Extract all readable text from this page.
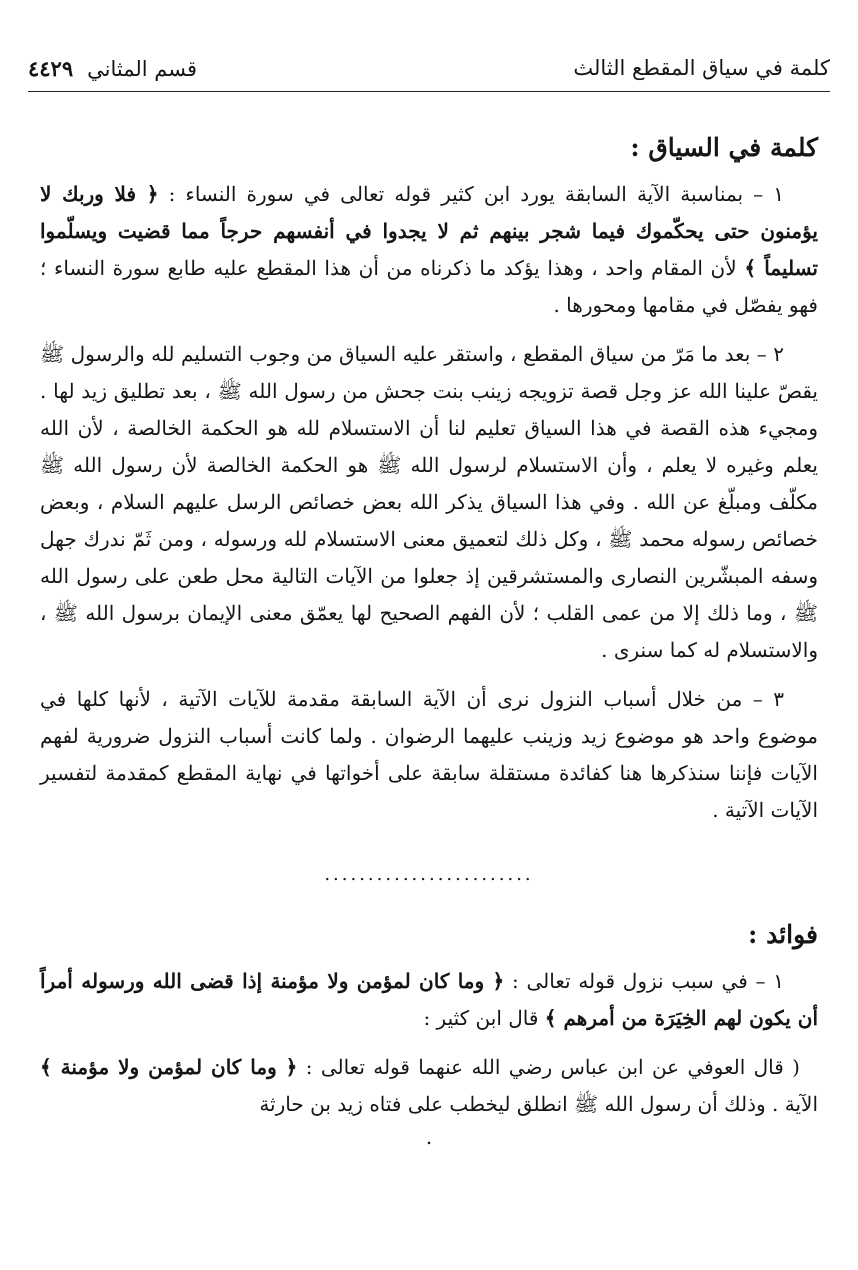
كلمة في سياق المقطع الثالث
قسم المثاني٤٤٢٩
كلمة في السياق :

١ – بمناسبة الآية السابقة يورد ابن كثير قوله تعالى في سورة النساء : ﴿ فلا وربك لا يؤمنون حتى يحكّموك فيما شجر بينهم ثم لا يجدوا في أنفسهم حرجاً مما قضيت ويسلّموا تسليماً ﴾ لأن المقام واحد ، وهذا يؤكد ما ذكرناه من أن هذا المقطع عليه طابع سورة النساء ؛ فهو يفصّل في مقامها ومحورها .

٢ – بعد ما مَرّ من سياق المقطع ، واستقر عليه السياق من وجوب التسليم لله والرسول ﷺ يقصّ علينا الله عز وجل قصة تزويجه زينب بنت جحش من رسول الله ﷺ ، بعد تطليق زيد لها . ومجيء هذه القصة في هذا السياق تعليم لنا أن الاستسلام لله هو الحكمة الخالصة ، لأن الله يعلم وغيره لا يعلم ، وأن الاستسلام لرسول الله ﷺ هو الحكمة الخالصة لأن رسول الله ﷺ مكلّف ومبلّغ عن الله . وفي هذا السياق يذكر الله بعض خصائص الرسل عليهم السلام ، وبعض خصائص رسوله محمد ﷺ ، وكل ذلك لتعميق معنى الاستسلام لله ورسوله ، ومن ثَمّ ندرك جهل وسفه المبشّرين النصارى والمستشرقين إذ جعلوا من الآيات التالية محل طعن على رسول الله ﷺ ، وما ذلك إلا من عمى القلب ؛ لأن الفهم الصحيح لها يعمّق معنى الإيمان برسول الله ﷺ ، والاستسلام له كما سنرى .

٣ – من خلال أسباب النزول نرى أن الآية السابقة مقدمة للآيات الآتية ، لأنها كلها في موضوع واحد هو موضوع زيد وزينب عليهما الرضوان . ولما كانت أسباب النزول ضرورية لفهم الآيات فإننا سنذكرها هنا كفائدة مستقلة سابقة على أخواتها في نهاية المقطع كمقدمة لتفسير الآيات الآتية .

........................
فوائد :

١ – في سبب نزول قوله تعالى : ﴿ وما كان لمؤمن ولا مؤمنة إذا قضى الله ورسوله أمراً أن يكون لهم الخِيَرَة من أمرهم ﴾ قال ابن كثير :

( قال العوفي عن ابن عباس رضي الله عنهما قوله تعالى : ﴿ وما كان لمؤمن ولا مؤمنة ﴾ الآية . وذلك أن رسول الله ﷺ انطلق ليخطب على فتاه زيد بن حارثة

.
